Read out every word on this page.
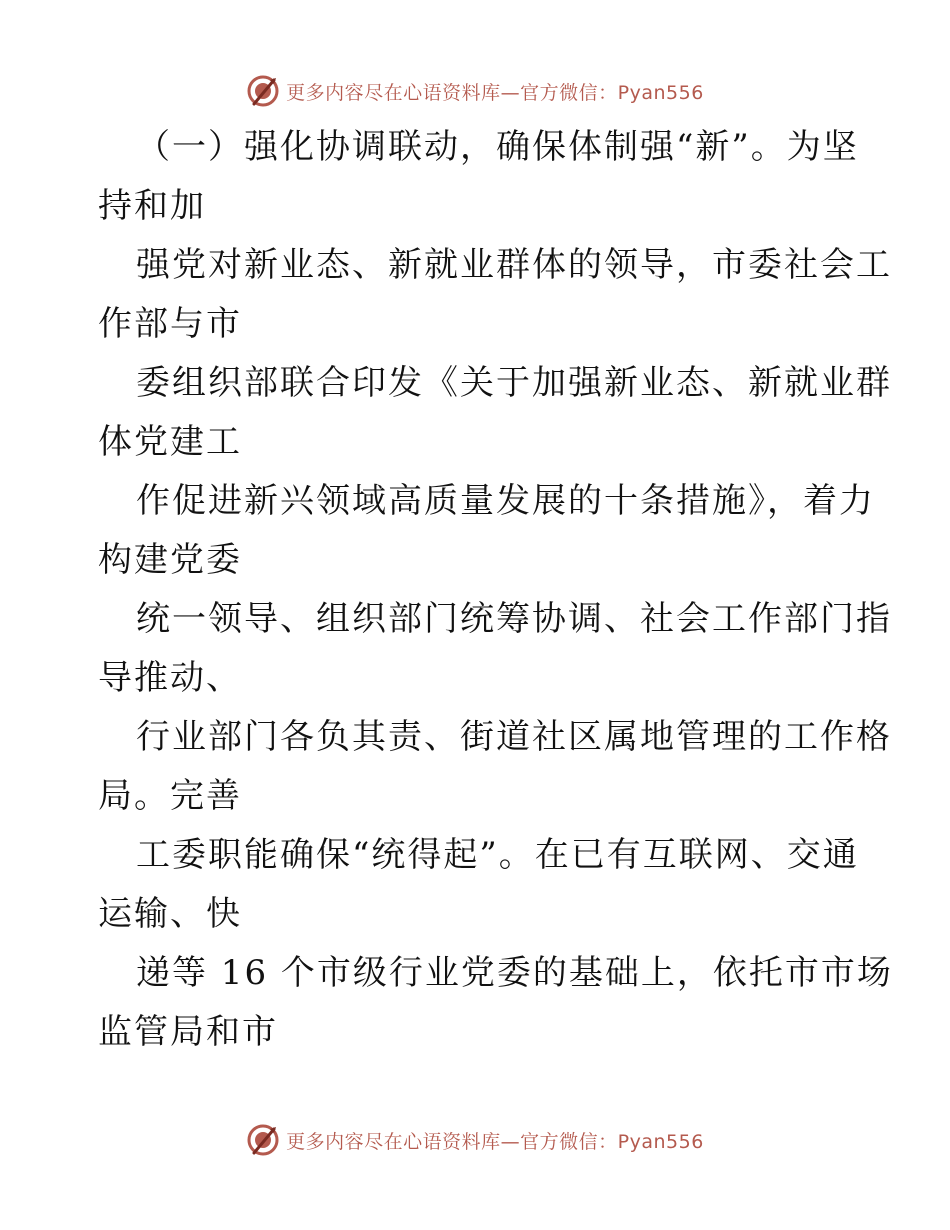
更多内容尽在心语资料库—官方微信：Pyan556
（一）强化协调联动，确保体制强“新”。为坚
持和加
强党对新业态、新就业群体的领导，市委社会工
作部与市
委组织部联合印发《关于加强新业态、新就业群
体党建工
作促进新兴领域高质量发展的十条措施》，着力
构建党委
统一领导、组织部门统筹协调、社会工作部门指
导推动、
行业部门各负其责、街道社区属地管理的工作格
局。完善
工委职能确保“统得起”。在已有互联网、交通
运输、快
递等 16 个市级行业党委的基础上，依托市市场
监管局和市
更多内容尽在心语资料库—官方微信：Pyan556
